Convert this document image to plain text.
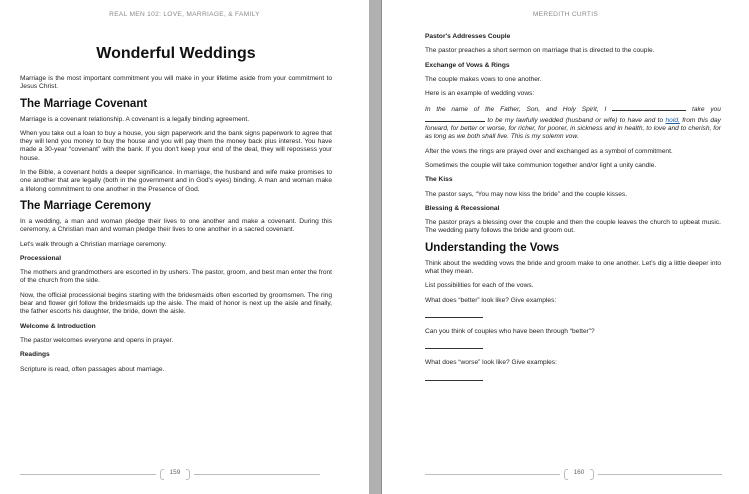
REAL MEN 102: LOVE, MARRIAGE, & FAMILY
Wonderful Weddings

Marriage is the most important commitment you will make in your lifetime aside from your commitment to Jesus Christ.

The Marriage Covenant

Marriage is a covenant relationship. A covenant is a legally binding agreement.

When you take out a loan to buy a house, you sign paperwork and the bank signs paperwork to agree that they will lend you money to buy the house and you will pay them the money back plus interest. You have made a 30-year “covenant” with the bank. If you don't keep your end of the deal, they will repossess your house.

In the Bible, a covenant holds a deeper significance. In marriage, the husband and wife make promises to one another that are legally (both in the government and in God's eyes) binding. A man and woman make a lifelong commitment to one another in the Presence of God.

The Marriage Ceremony

In a wedding, a man and woman pledge their lives to one another and make a covenant. During this ceremony, a Christian man and woman pledge their lives to one another in a sacred covenant.

Let's walk through a Christian marriage ceremony.

Processional

The mothers and grandmothers are escorted in by ushers. The pastor, groom, and best man enter the front of the church from the side.

Now, the official processional begins starting with the bridesmaids often escorted by groomsmen. The ring bear and flower girl follow the bridesmaids up the aisle. The maid of honor is next up the aisle and finally, the father escorts his daughter, the bride, down the aisle.

Welcome & Introduction

The pastor welcomes everyone and opens in prayer.

Readings

Scripture is read, often passages about marriage.

159
MEREDITH CURTIS
Pastor's Addresses Couple

The pastor preaches a short sermon on marriage that is directed to the couple.

Exchange of Vows & Rings

The couple makes vows to one another.

Here is an example of wedding vows:

In the name of the Father, Son, and Holy Spirit, I	take you  to be my lawfully wedded (husband or wife) to have and to hold, from this day forward, for better or worse, for richer, for poorer, in sickness and in health, to love and to cherish, for as long as we both shall live. This is my solemn vow.

After the vows the rings are prayed over and exchanged as a symbol of commitment.

Sometimes the couple will take communion together and/or light a unity candle.

The Kiss

The pastor says, “You may now kiss the bride” and the couple kisses.

Blessing & Recessional

The pastor prays a blessing over the couple and then the couple leaves the church to upbeat music. The wedding party follows the bride and groom out.

Understanding the Vows

Think about the wedding vows the bride and groom make to one another. Let's dig a little deeper into what they mean.

List possibilities for each of the vows.

What does “better” look like? Give examples:

Can you think of couples who have been through “better”?

What does “worse” look like? Give examples:

160
